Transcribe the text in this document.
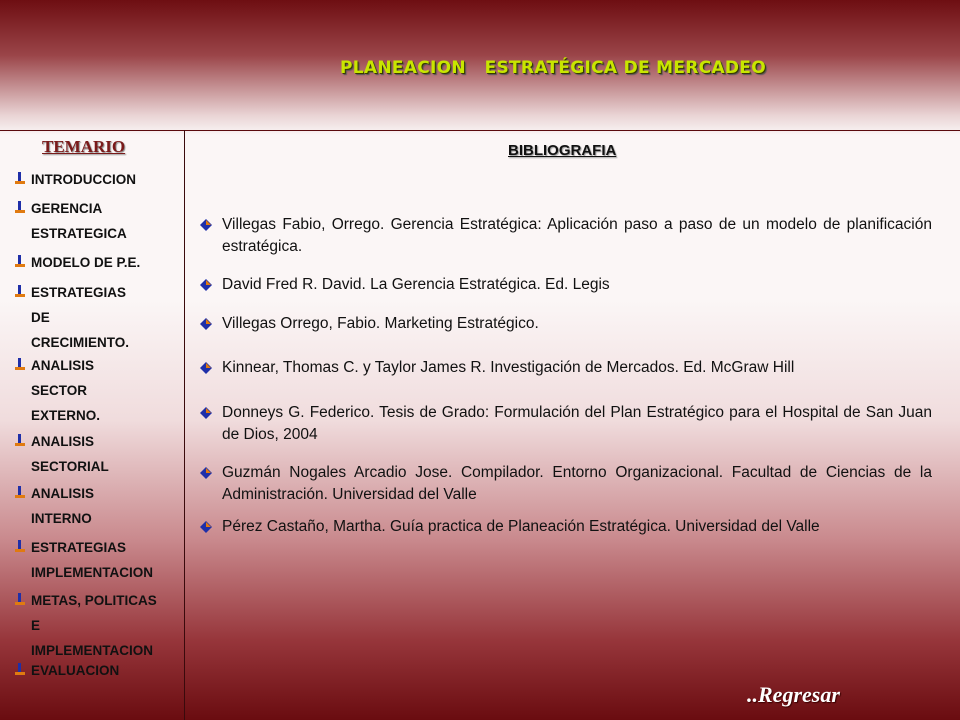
PLANEACION   ESTRATÉGICA DE MERCADEO
TEMARIO
INTRODUCCION
GERENCIA
ESTRATEGICA
MODELO DE P.E.
ESTRATEGIAS
DE
CRECIMIENTO.
ANALISIS
SECTOR
EXTERNO.
ANALISIS
SECTORIAL
ANALISIS
INTERNO
ESTRATEGIAS
IMPLEMENTACION
METAS, POLITICAS
E
IMPLEMENTACION
EVALUACION
BIBLIOGRAFIA
Villegas Fabio, Orrego. Gerencia Estratégica: Aplicación paso a paso de un modelo de planificación estratégica.
David Fred R. David. La Gerencia Estratégica. Ed. Legis
Villegas Orrego, Fabio. Marketing Estratégico.
Kinnear, Thomas C. y Taylor James R. Investigación de Mercados. Ed. McGraw Hill
Donneys G. Federico. Tesis de Grado: Formulación del Plan Estratégico para el Hospital de San Juan de Dios, 2004
Guzmán Nogales Arcadio Jose. Compilador. Entorno Organizacional. Facultad de Ciencias de la Administración. Universidad del Valle
Pérez Castaño, Martha. Guía practica de Planeación Estratégica. Universidad del Valle
..Regresar
